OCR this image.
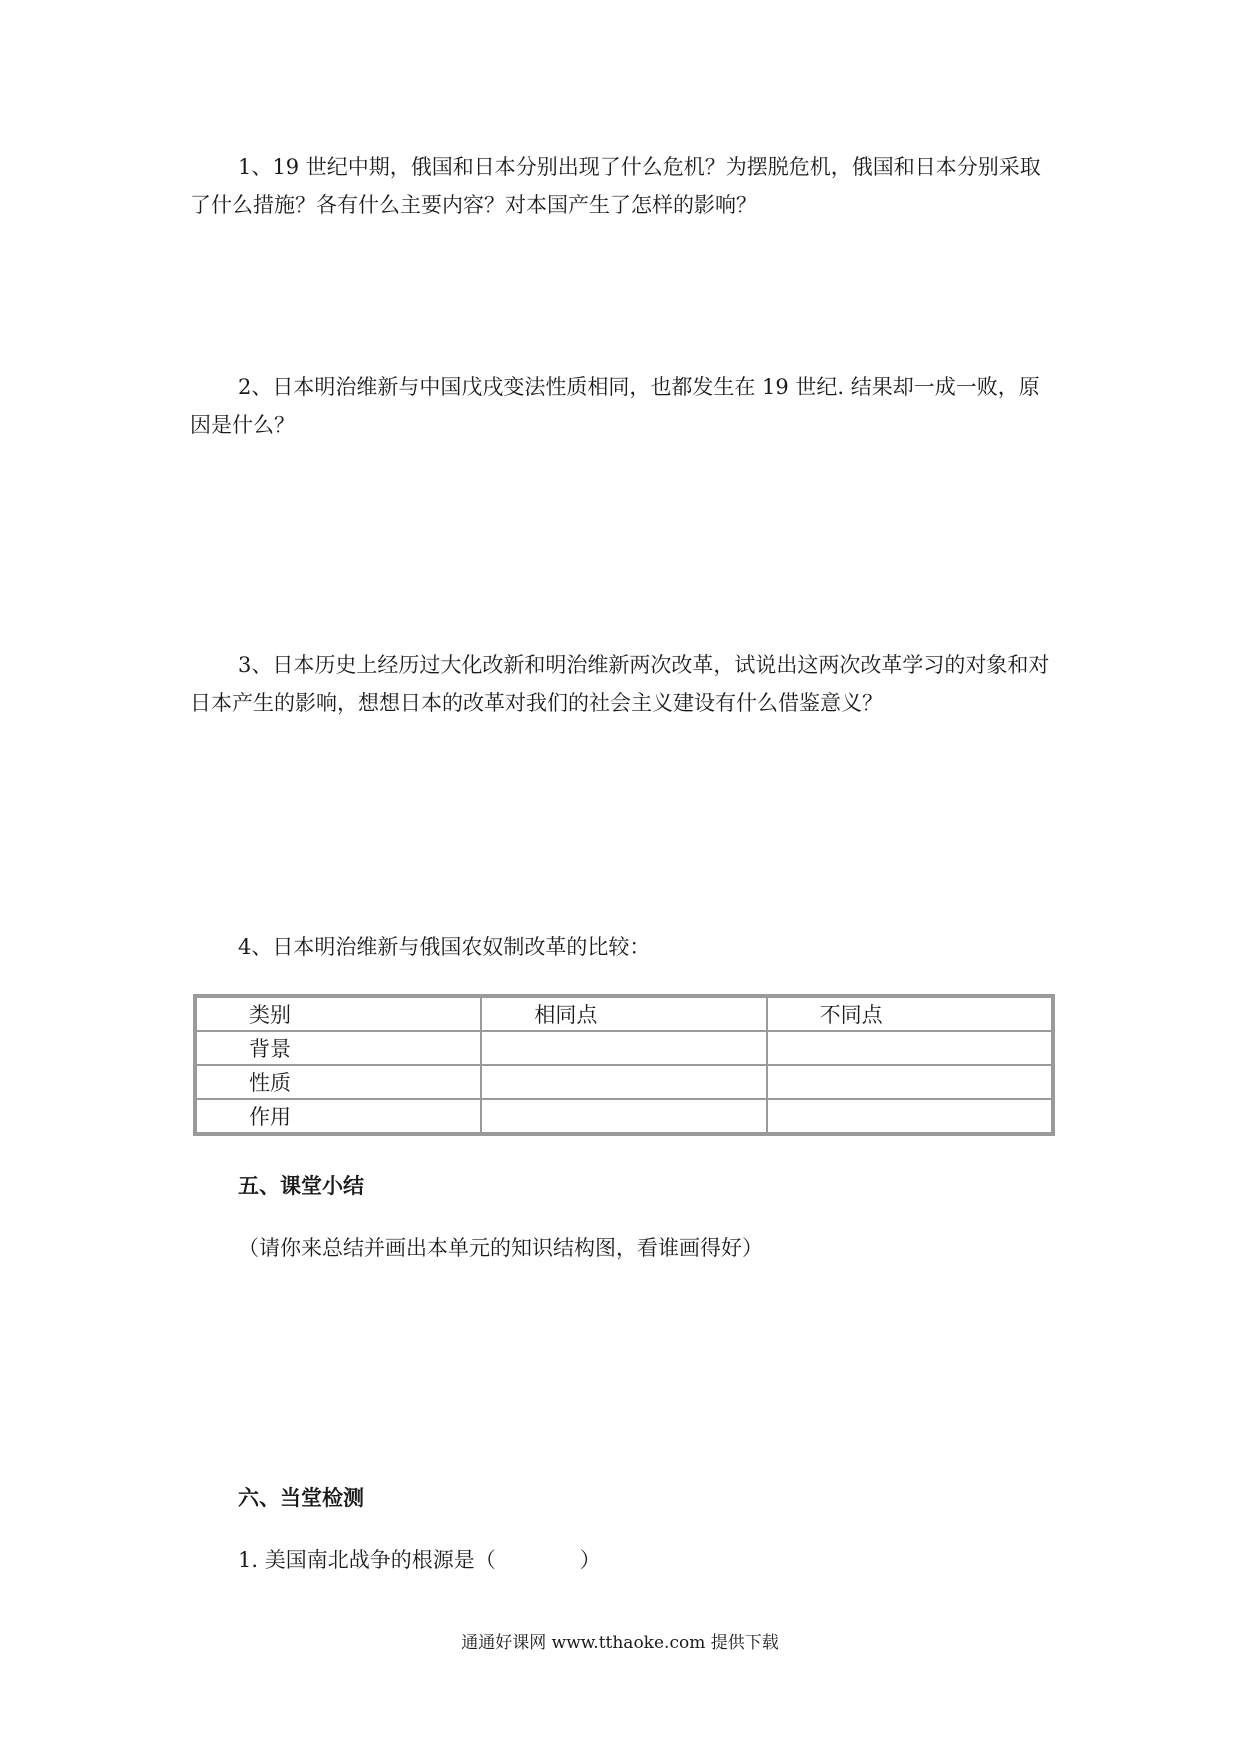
1、19 世纪中期，俄国和日本分别出现了什么危机？为摆脱危机，俄国和日本分别采取了什么措施？各有什么主要内容？对本国产生了怎样的影响？

2、日本明治维新与中国戊戌变法性质相同，也都发生在 19 世纪. 结果却一成一败，原因是什么？

3、日本历史上经历过大化改新和明治维新两次改革，试说出这两次改革学习的对象和对日本产生的影响，想想日本的改革对我们的社会主义建设有什么借鉴意义？

4、日本明治维新与俄国农奴制改革的比较：

类别	相同点	不同点
背景		
性质		
作用		

五、课堂小结

（请你来总结并画出本单元的知识结构图，看谁画得好）

六、当堂检测

1. 美国南北战争的根源是（　　　　）

通通好课网 www.tthaoke.com 提供下载
